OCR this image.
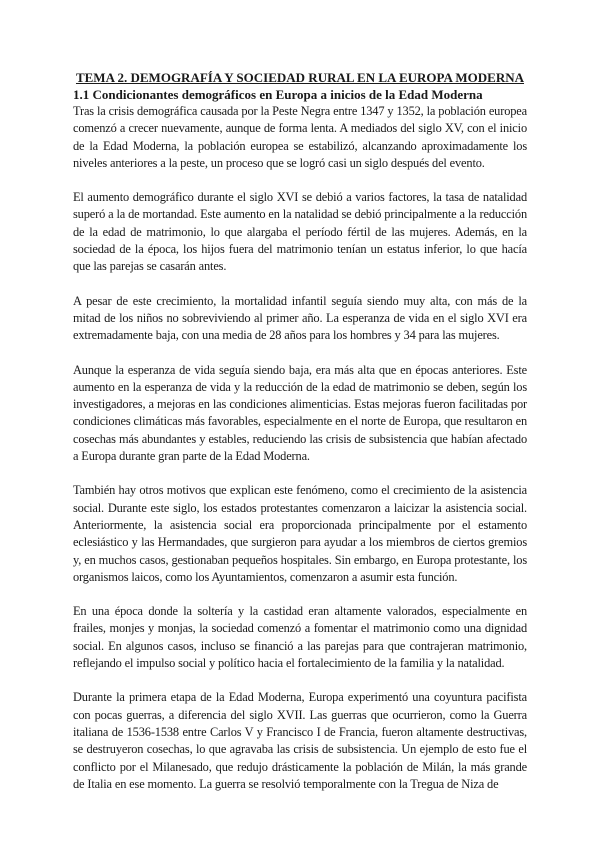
TEMA 2. DEMOGRAFÍA Y SOCIEDAD RURAL EN LA EUROPA MODERNA
1.1 Condicionantes demográficos en Europa a inicios de la Edad Moderna

Tras la crisis demográfica causada por la Peste Negra entre 1347 y 1352, la población europea comenzó a crecer nuevamente, aunque de forma lenta. A mediados del siglo XV, con el inicio de la Edad Moderna, la población europea se estabilizó, alcanzando aproximadamente los niveles anteriores a la peste, un proceso que se logró casi un siglo después del evento.

El aumento demográfico durante el siglo XVI se debió a varios factores, la tasa de natalidad superó a la de mortandad. Este aumento en la natalidad se debió principalmente a la reducción de la edad de matrimonio, lo que alargaba el período fértil de las mujeres. Además, en la sociedad de la época, los hijos fuera del matrimonio tenían un estatus inferior, lo que hacía que las parejas se casarán antes.

A pesar de este crecimiento, la mortalidad infantil seguía siendo muy alta, con más de la mitad de los niños no sobreviviendo al primer año. La esperanza de vida en el siglo XVI era extremadamente baja, con una media de 28 años para los hombres y 34 para las mujeres.

Aunque la esperanza de vida seguía siendo baja, era más alta que en épocas anteriores. Este aumento en la esperanza de vida y la reducción de la edad de matrimonio se deben, según los investigadores, a mejoras en las condiciones alimenticias. Estas mejoras fueron facilitadas por condiciones climáticas más favorables, especialmente en el norte de Europa, que resultaron en cosechas más abundantes y estables, reduciendo las crisis de subsistencia que habían afectado a Europa durante gran parte de la Edad Moderna.

También hay otros motivos que explican este fenómeno, como el crecimiento de la asistencia social. Durante este siglo, los estados protestantes comenzaron a laicizar la asistencia social. Anteriormente, la asistencia social era proporcionada principalmente por el estamento eclesiástico y las Hermandades, que surgieron para ayudar a los miembros de ciertos gremios y, en muchos casos, gestionaban pequeños hospitales. Sin embargo, en Europa protestante, los organismos laicos, como los Ayuntamientos, comenzaron a asumir esta función.

En una época donde la soltería y la castidad eran altamente valorados, especialmente en frailes, monjes y monjas, la sociedad comenzó a fomentar el matrimonio como una dignidad social. En algunos casos, incluso se financió a las parejas para que contrajeran matrimonio, reflejando el impulso social y político hacia el fortalecimiento de la familia y la natalidad.

Durante la primera etapa de la Edad Moderna, Europa experimentó una coyuntura pacifista con pocas guerras, a diferencia del siglo XVII. Las guerras que ocurrieron, como la Guerra italiana de 1536-1538 entre Carlos V y Francisco I de Francia, fueron altamente destructivas, se destruyeron cosechas, lo que agravaba las crisis de subsistencia. Un ejemplo de esto fue el conflicto por el Milanesado, que redujo drásticamente la población de Milán, la más grande de Italia en ese momento. La guerra se resolvió temporalmente con la Tregua de Niza de
